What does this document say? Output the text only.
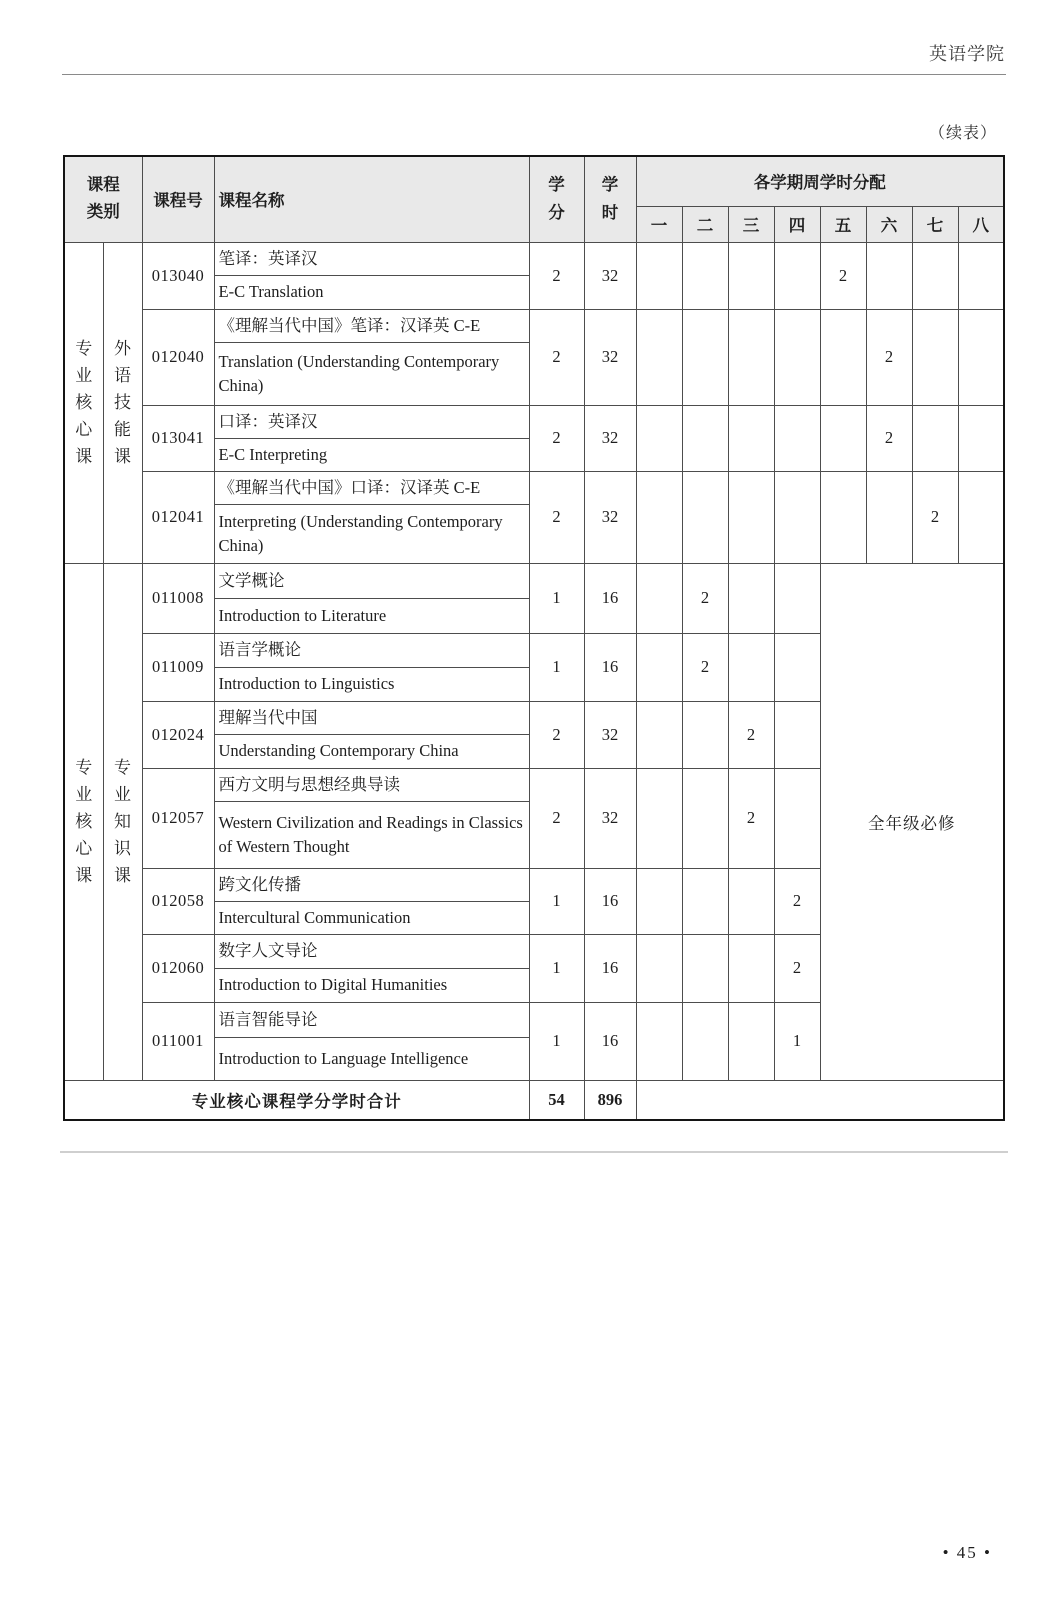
英语学院
（续表）
课程类别		课程号	课程名称	学分	学时	各学期周学时分配							
						一	二	三	四	五	六	七	八
专业核心课	外语技能课	013040	笔译：英译汉	2	32					2			
			E-C Translation										
		012040	《理解当代中国》笔译：汉译英 C-E	2	32						2		
			Translation (Understanding Contemporary China)										
		013041	口译：英译汉	2	32						2		
			E-C Interpreting										
		012041	《理解当代中国》口译：汉译英 C-E	2	32							2	
			Interpreting (Understanding Contemporary China)										
专业核心课	专业知识课	011008	文学概论	1	16		2			全年级必修			
			Introduction to Literature										
		011009	语言学概论	1	16		2						
			Introduction to Linguistics										
		012024	理解当代中国	2	32			2					
			Understanding Contemporary China										
		012057	西方文明与思想经典导读	2	32			2					
			Western Civilization and Readings in Classics of Western Thought										
		012058	跨文化传播	1	16				2				
			Intercultural Communication										
		012060	数字人文导论	1	16				2				
			Introduction to Digital Humanities										
		011001	语言智能导论	1	16				1				
			Introduction to Language Intelligence										
专业核心课程学分学时合计				54	896								
• 45 •
